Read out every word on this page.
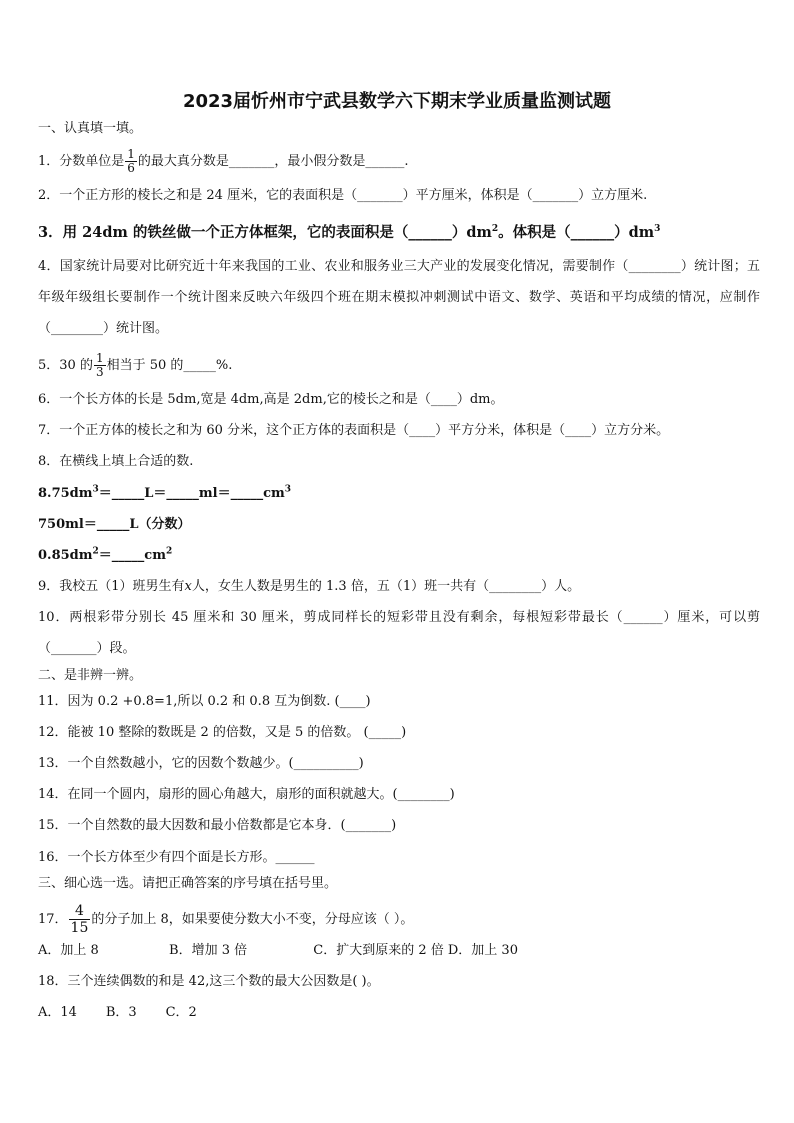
2023届忻州市宁武县数学六下期末学业质量监测试题
一、认真填一填。
1．分数单位是 $\frac{1}{6}$ 的最大真分数是_______，最小假分数是______.
2．一个正方形的棱长之和是 24 厘米，它的表面积是（_______）平方厘米，体积是（_______）立方厘米.
3．用 24dm 的铁丝做一个正方体框架，它的表面积是$(\_\_\_\_\_\_)dm^2$。体积是$(\_\_\_\_\_\_)dm^3$
4．国家统计局要对比研究近十年来我国的工业、农业和服务业三大产业的发展变化情况，需要制作（________）统计图；五年级年级组长要制作一个统计图来反映六年级四个班在期末模拟冲刺测试中语文、数学、英语和平均成绩的情况，应制作（________）统计图。
5．30 的 $\frac{1}{3}$ 相当于 50 的_____%.
6．一个长方体的长是 5dm,宽是 4dm,高是 2dm,它的棱长之和是（____）dm。
7．一个正方体的棱长之和为 60 分米，这个正方体的表面积是（____）平方分米，体积是（____）立方分米。
8．在横线上填上合适的数.
$8.75dm^3=\_\_\_\_\_L=\_\_\_\_\_ml=\_\_\_\_\_cm^3$
750ml＝_____L（分数）
$0.85dm^2=\_\_\_\_\_cm^2$
9．我校五（1）班男生有x人，女生人数是男生的 1.3 倍，五（1）班一共有（________）人。
10．两根彩带分别长 45 厘米和 30 厘米，剪成同样长的短彩带且没有剩余，每根短彩带最长（______）厘米，可以剪（_______）段。
二、是非辨一辨。
11．因为 0.2 +0.8=1,所以 0.2 和 0.8 互为倒数. (____)
12．能被 10 整除的数既是 2 的倍数，又是 5 的倍数。 (_____)
13．一个自然数越小，它的因数个数越少。(__________)
14．在同一个圆内，扇形的圆心角越大，扇形的面积就越大。(________)
15．一个自然数的最大因数和最小倍数都是它本身．(_______)
16．一个长方体至少有四个面是长方形。______
三、细心选一选。请把正确答案的序号填在括号里。
17． $\frac{4}{15}$ 的分子加上 8，如果要使分数大小不变，分母应该（ ）。
A．加上 8                 B．增加 3 倍                C．扩大到原来的 2 倍 D．加上 30
18．三个连续偶数的和是 42,这三个数的最大公因数是( )。
A．14       B．3       C．2
